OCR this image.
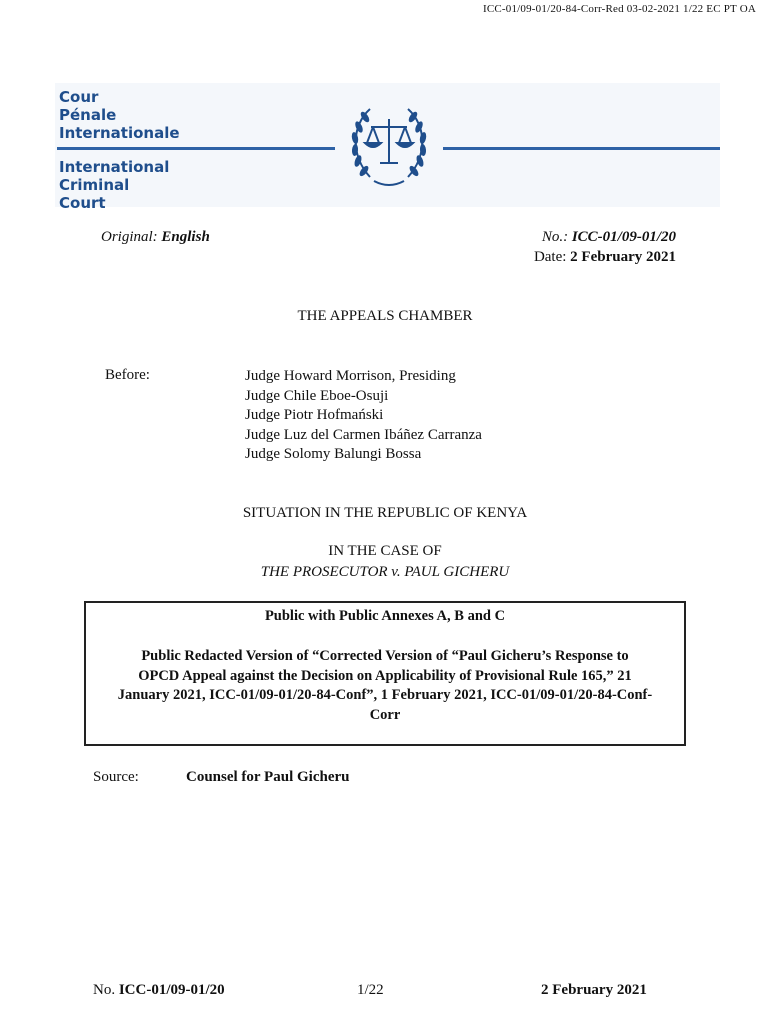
ICC-01/09-01/20-84-Corr-Red 03-02-2021 1/22 EC PT OA
Cour
Pénale
Internationale
International
Criminal
Court
Original: English	No.: ICC-01/09-01/20
Date: 2 February 2021
THE APPEALS CHAMBER
Before:	Judge Howard Morrison, Presiding
Judge Chile Eboe-Osuji
Judge Piotr Hofmański
Judge Luz del Carmen Ibáñez Carranza
Judge Solomy Balungi Bossa
SITUATION IN THE REPUBLIC OF KENYA
IN THE CASE OF
THE PROSECUTOR v. PAUL GICHERU
Public with Public Annexes A, B and C
Public Redacted Version of “Corrected Version of “Paul Gicheru’s Response to
OPCD Appeal against the Decision on Applicability of Provisional Rule 165,” 21
January 2021, ICC-01/09-01/20-84-Conf”, 1 February 2021, ICC-01/09-01/20-84-Conf-
Corr
Source:	Counsel for Paul Gicheru
No. ICC-01/09-01/20	1/22	2 February 2021
